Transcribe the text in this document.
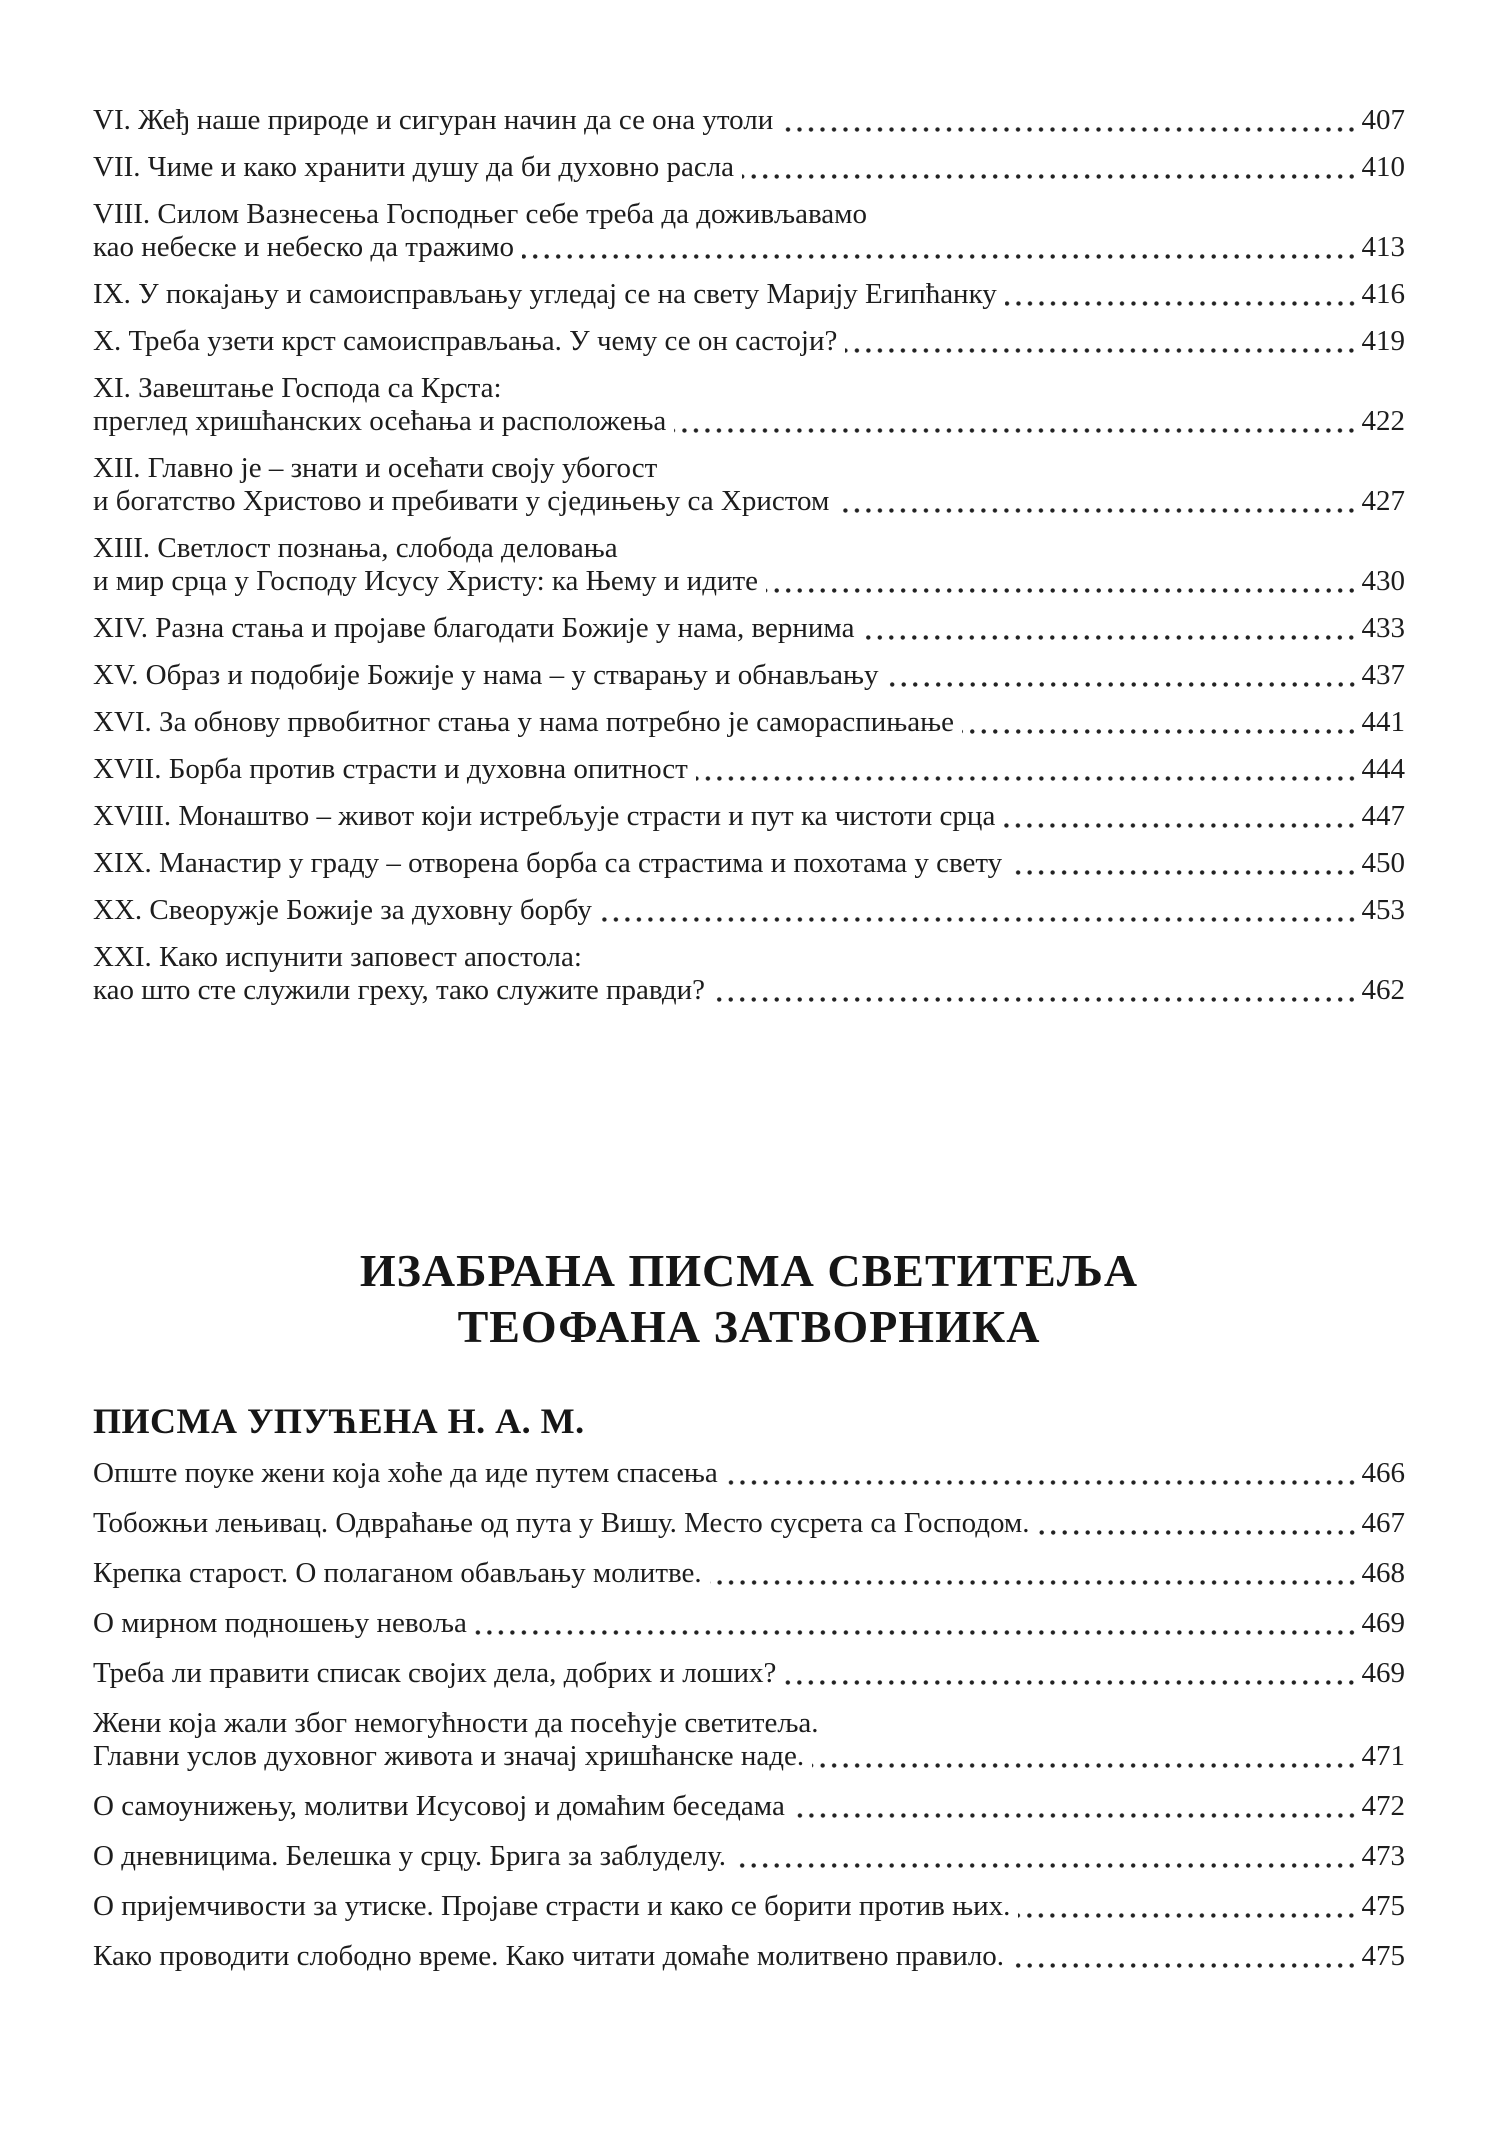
VI. Жеђ наше природе и сигуран начин да се она утоли	407
VII. Чиме и како хранити душу да би духовно расла	410
VIII. Силом Вазнесења Господњег себе треба да доживљавамо
као небеске и небеско да тражимо	413
IX. У покајању и самоисправљању угледај се на свету Марију Египћанку	416
X. Треба узети крст самоисправљања. У чему се он састоји?	419
XI. Завештање Господа са Крста:
преглед хришћанских осећања и расположења	422
XII. Главно је – знати и осећати своју убогост
и богатство Христово и пребивати у сједињењу са Христом	427
XIII. Светлост познања, слобода деловања
и мир срца у Господу Исусу Христу: ка Њему и идите	430
XIV. Разна стања и пројаве благодати Божије у нама, вернима	433
XV. Образ и подобије Божије у нама – у стварању и обнављању	437
XVI. За обнову првобитног стања у нама потребно је самораспињање	441
XVII. Борба против страсти и духовна опитност	444
XVIII. Монаштво – живот који истребљује страсти и пут ка чистоти срца	447
XIX. Манастир у граду – отворена борба са страстима и похотама у свету	450
XX. Свеоружје Божије за духовну борбу	453
XXI. Како испунити заповест апостола:
као што сте служили греху, тако служите правди?	462
ИЗАБРАНА ПИСМА СВЕТИТЕЉА
ТЕОФАНА ЗАТВОРНИКА
ПИСМА УПУЋЕНА Н. А. М.
Опште поуке жени која хоће да иде путем спасења	466
Тобожњи лењивац. Одвраћање од пута у Вишу. Место сусрета са Господом.	467
Крепка старост. О полаганом обављању молитве.	468
О мирном подношењу невоља	469
Треба ли правити списак својих дела, добрих и лоших?	469
Жени која жали због немогућности да посећује светитеља.
Главни услов духовног живота и значај хришћанске наде.	471
О самоунижењу, молитви Исусовој и домаћим беседама	472
О дневницима. Белешка у срцу. Брига за заблуделу.	473
О пријемчивости за утиске. Пројаве страсти и како се борити против њих.	475
Како проводити слободно време. Како читати домаће молитвено правило.	475
